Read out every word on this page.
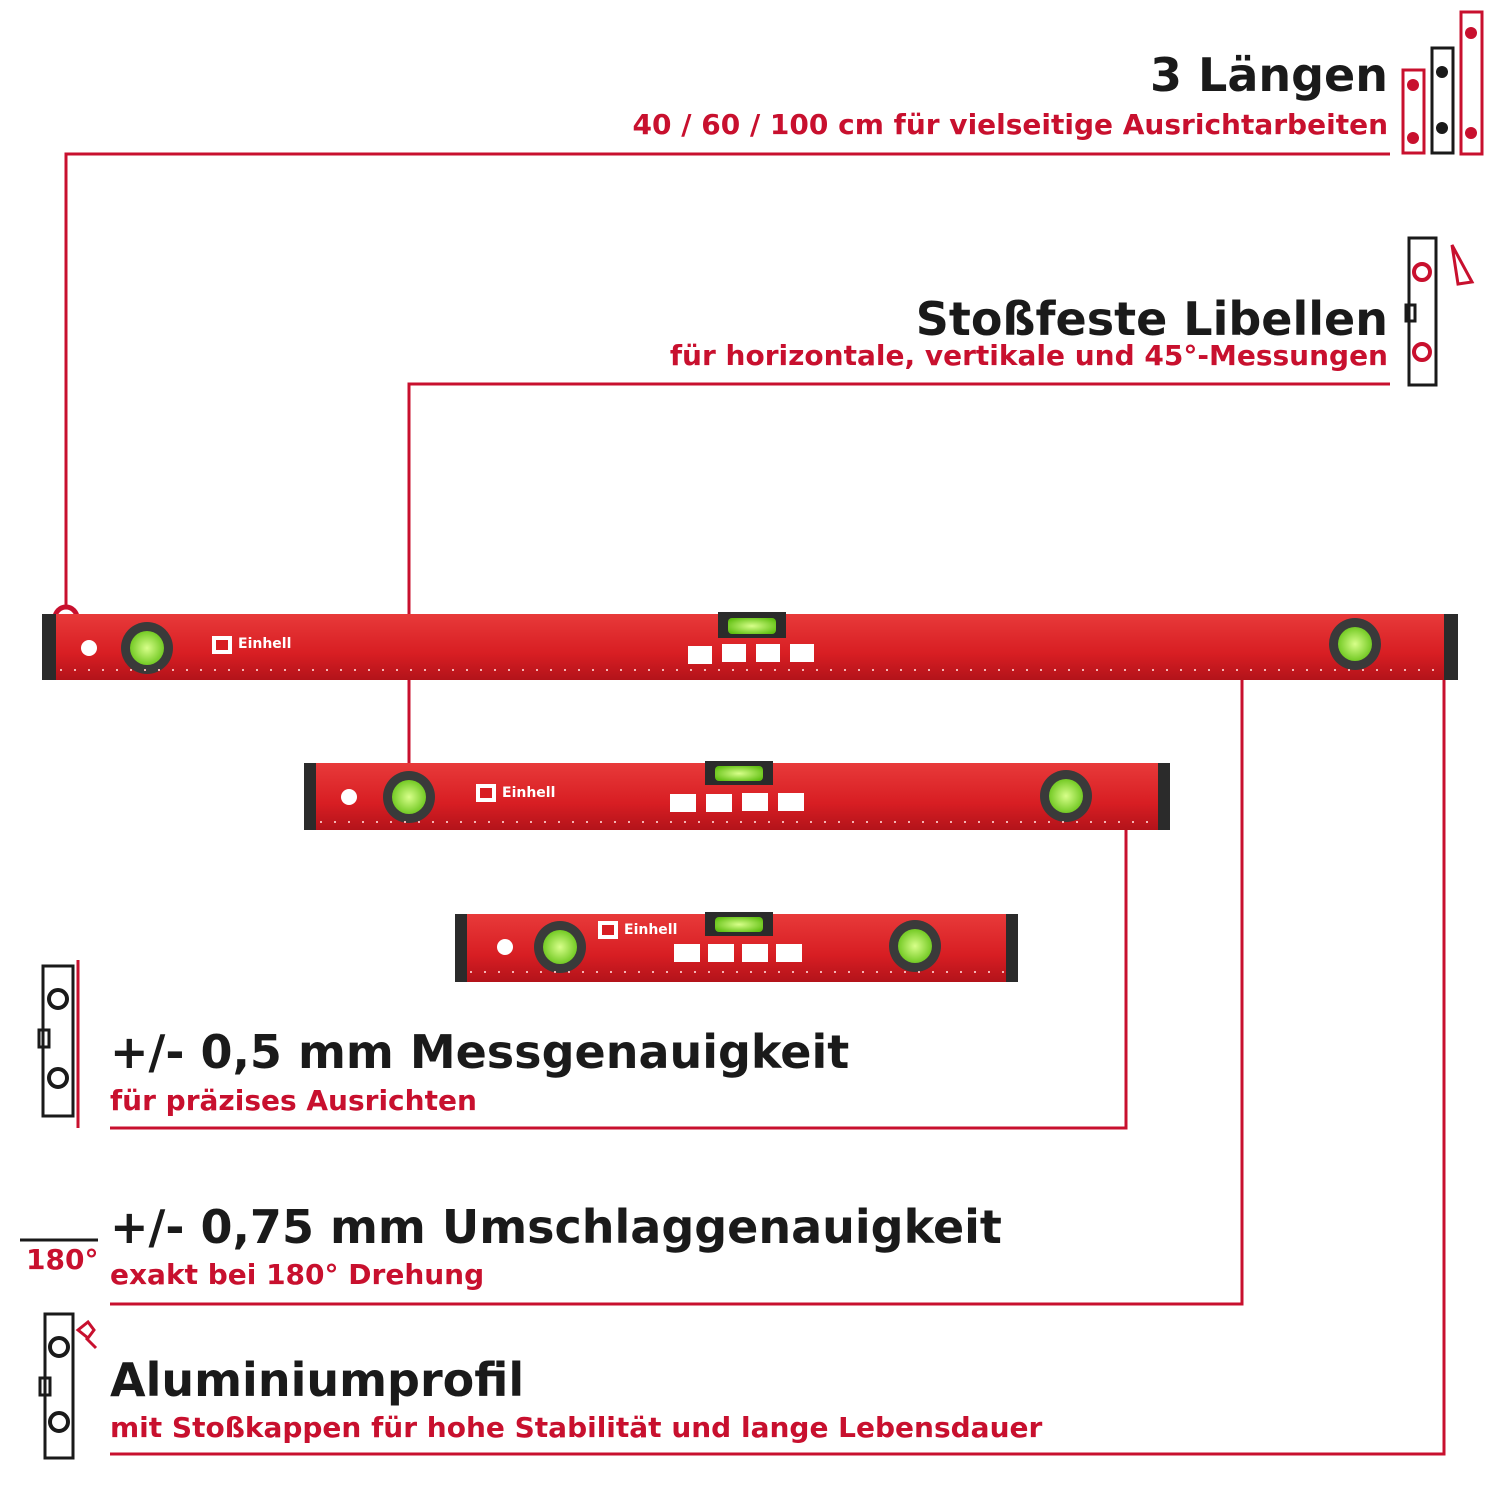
Einhell
Einhell
Einhell
3 Längen
40 / 60 / 100 cm für vielseitige Ausrichtarbeiten
Stoßfeste Libellen
für horizontale, vertikale und 45°-Messungen
+/- 0,5 mm Messgenauigkeit
für präzises Ausrichten
180°
+/- 0,75 mm Umschlaggenauigkeit
exakt bei 180° Drehung
Aluminiumprofil
mit Stoßkappen für hohe Stabilität und lange Lebensdauer
